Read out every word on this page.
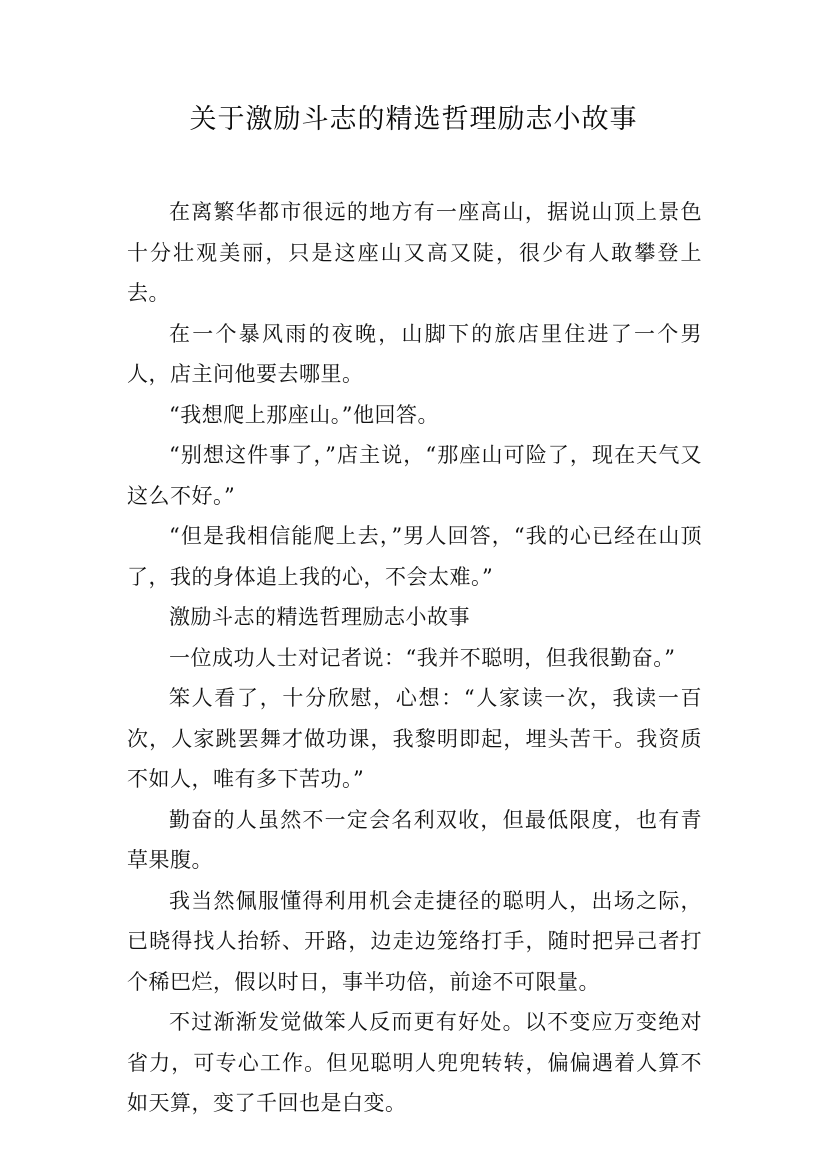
关于激励斗志的精选哲理励志小故事

在离繁华都市很远的地方有一座高山，据说山顶上景色十分壮观美丽，只是这座山又高又陡，很少有人敢攀登上去。

在一个暴风雨的夜晚，山脚下的旅店里住进了一个男人，店主问他要去哪里。

“我想爬上那座山。”他回答。

“别想这件事了，”店主说，“那座山可险了，现在天气又这么不好。”

“但是我相信能爬上去，”男人回答，“我的心已经在山顶了，我的身体追上我的心，不会太难。”

激励斗志的精选哲理励志小故事

一位成功人士对记者说：“我并不聪明，但我很勤奋。”

笨人看了，十分欣慰，心想：“人家读一次，我读一百次，人家跳罢舞才做功课，我黎明即起，埋头苦干。我资质不如人，唯有多下苦功。”

勤奋的人虽然不一定会名利双收，但最低限度，也有青草果腹。

我当然佩服懂得利用机会走捷径的聪明人，出场之际，已晓得找人抬轿、开路，边走边笼络打手，随时把异己者打个稀巴烂，假以时日，事半功倍，前途不可限量。

不过渐渐发觉做笨人反而更有好处。以不变应万变绝对省力，可专心工作。但见聪明人兜兜转转，偏偏遇着人算不如天算，变了千回也是白变。
